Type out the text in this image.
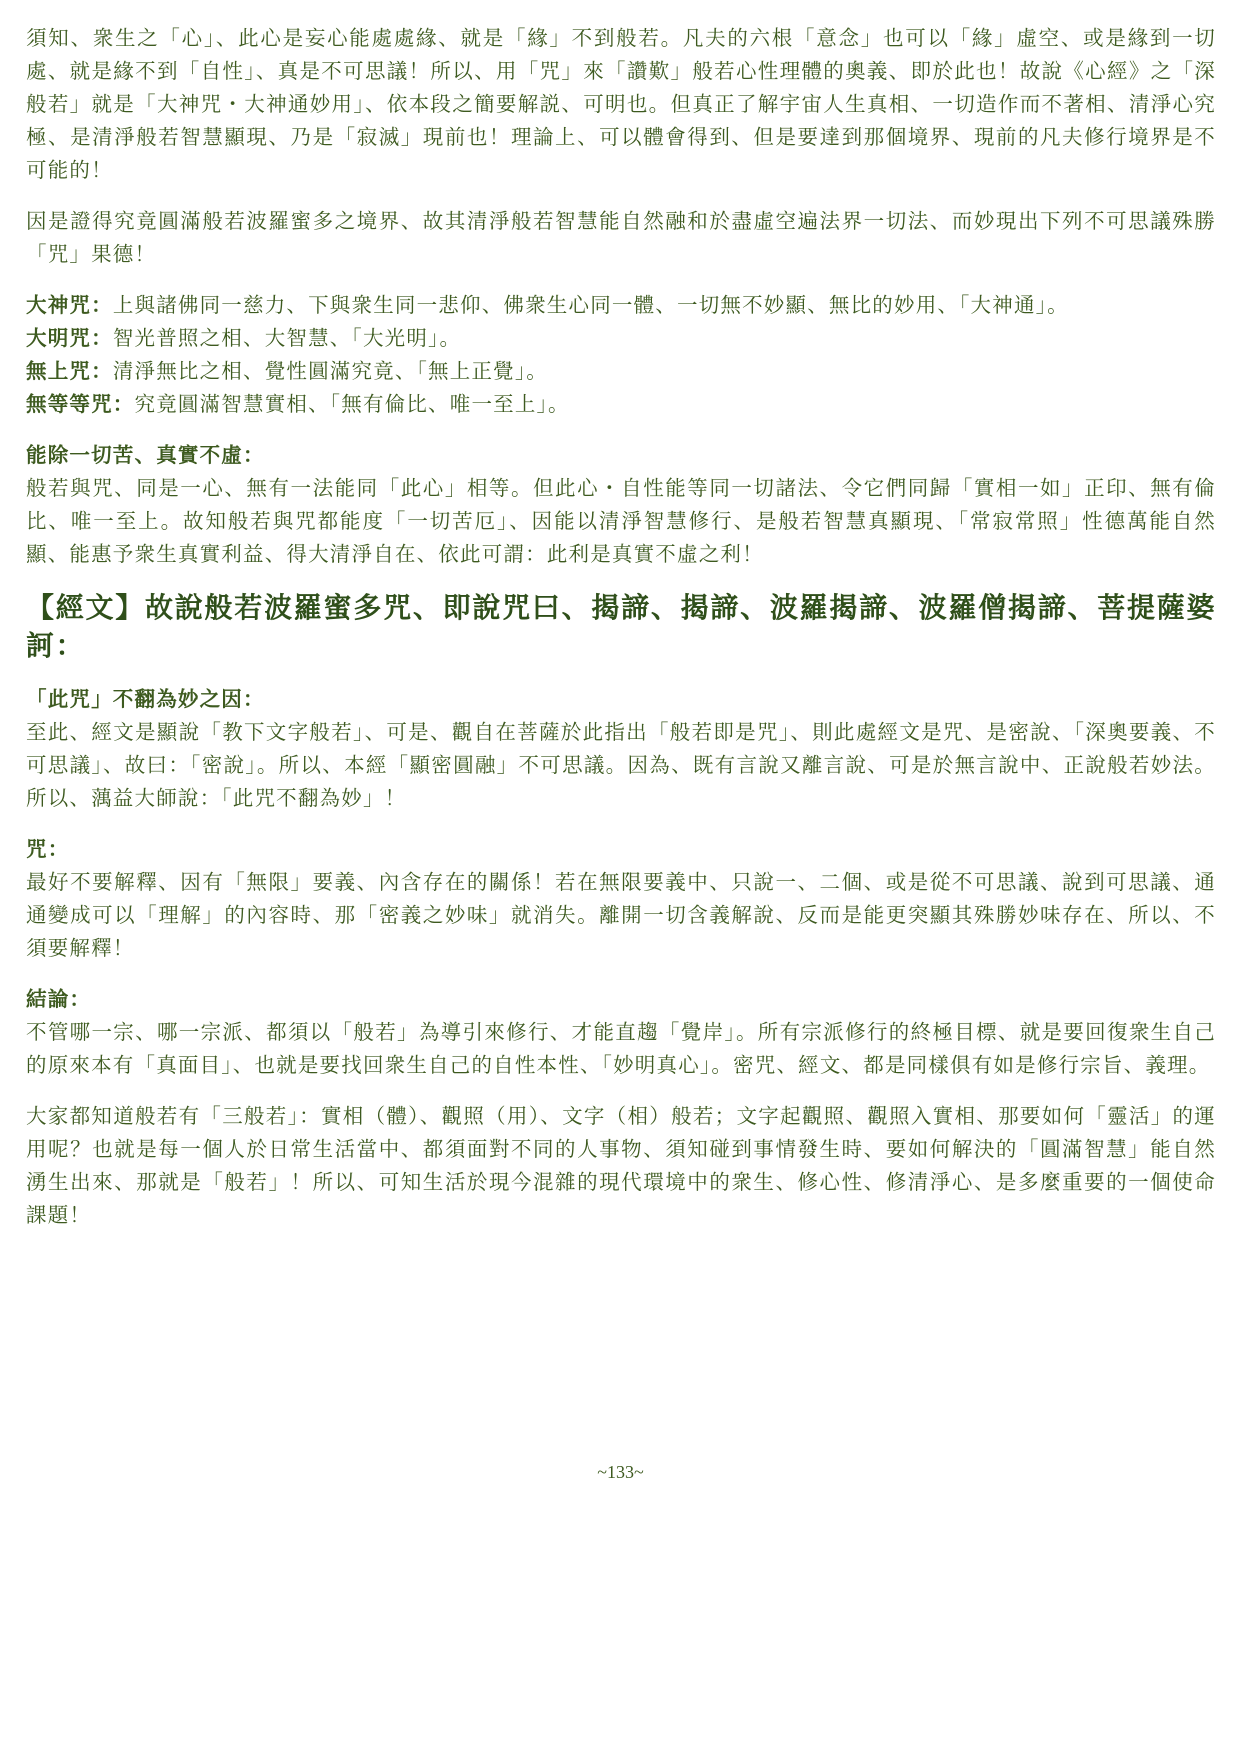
須知、衆生之「心」、此心是妄心能處處緣、就是「緣」不到般若。凡夫的六根「意念」也可以「緣」虛空、或是緣到一切處、就是緣不到「自性」、真是不可思議！所以、用「咒」來「讚歎」般若心性理體的奧義、即於此也！故說《心經》之「深般若」就是「大神咒・大神通妙用」、依本段之簡要解説、可明也。但真正了解宇宙人生真相、一切造作而不著相、清淨心究極、是清淨般若智慧顯現、乃是「寂滅」現前也！理論上、可以體會得到、但是要達到那個境界、現前的凡夫修行境界是不可能的！

因是證得究竟圓滿般若波羅蜜多之境界、故其清淨般若智慧能自然融和於盡虛空遍法界一切法、而妙現出下列不可思議殊勝「咒」果德！

大神咒：上與諸佛同一慈力、下與衆生同一悲仰、佛衆生心同一體、一切無不妙顯、無比的妙用、「大神通」。

大明咒：智光普照之相、大智慧、「大光明」。

無上咒：清淨無比之相、覺性圓滿究竟、「無上正覺」。

無等等咒：究竟圓滿智慧實相、「無有倫比、唯一至上」。

能除一切苦、真實不虛：

般若與咒、同是一心、無有一法能同「此心」相等。但此心・自性能等同一切諸法、令它們同歸「實相一如」正印、無有倫比、唯一至上。故知般若與咒都能度「一切苦厄」、因能以清淨智慧修行、是般若智慧真顯現、「常寂常照」性德萬能自然顯、能惠予衆生真實利益、得大清淨自在、依此可謂：此利是真實不虛之利！

【經文】故說般若波羅蜜多咒、即說咒曰、揭諦、揭諦、波羅揭諦、波羅僧揭諦、菩提薩婆訶：

「此咒」不翻為妙之因：

至此、經文是顯說「教下文字般若」、可是、觀自在菩薩於此指出「般若即是咒」、則此處經文是咒、是密說、「深奧要義、不可思議」、故曰：「密說」。所以、本經「顯密圓融」不可思議。因為、既有言說又離言說、可是於無言說中、正說般若妙法。所以、蕅益大師說：「此咒不翻為妙」！

咒：

最好不要解釋、因有「無限」要義、內含存在的關係！若在無限要義中、只說一、二個、或是從不可思議、說到可思議、通通變成可以「理解」的內容時、那「密義之妙味」就消失。離開一切含義解說、反而是能更突顯其殊勝妙味存在、所以、不須要解釋！

結論：

不管哪一宗、哪一宗派、都須以「般若」為導引來修行、才能直趨「覺岸」。所有宗派修行的終極目標、就是要回復衆生自己的原來本有「真面目」、也就是要找回衆生自己的自性本性、「妙明真心」。密咒、經文、都是同樣俱有如是修行宗旨、義理。

大家都知道般若有「三般若」：實相（體）、觀照（用）、文字（相）般若；文字起觀照、觀照入實相、那要如何「靈活」的運用呢？也就是每一個人於日常生活當中、都須面對不同的人事物、須知碰到事情發生時、要如何解決的「圓滿智慧」能自然湧生出來、那就是「般若」！所以、可知生活於現今混雜的現代環境中的衆生、修心性、修清淨心、是多麼重要的一個使命課題！

~133~
